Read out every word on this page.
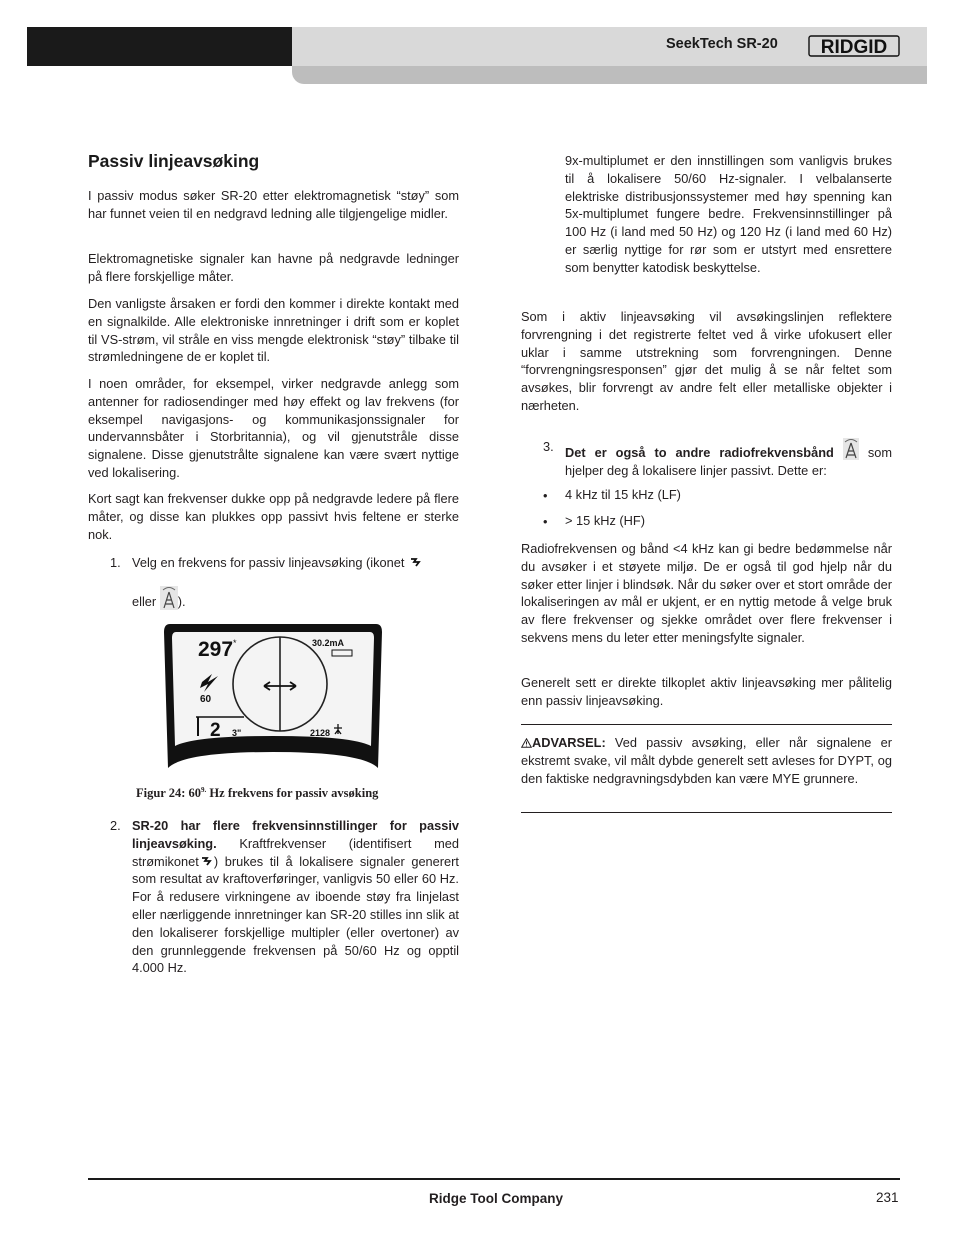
SeekTech SR-20 RIDGID
Passiv linjeavsøking

I passiv modus søker SR-20 etter elektromagnetisk “støy” som har funnet veien til en nedgravd ledning alle tilgjengelige midler.

Elektromagnetiske signaler kan havne på nedgravde ledninger på flere forskjellige måter.

Den vanligste årsaken er fordi den kommer i direkte kontakt med en signalkilde. Alle elektroniske innretninger i drift som er koplet til VS-strøm, vil stråle en viss mengde elektronisk “støy” tilbake til strømledningene de er koplet til.

I noen områder, for eksempel, virker nedgravde anlegg som antenner for radiosendinger med høy effekt og lav frekvens (for eksempel navigasjons- og kommunikasjonssignaler for undervannsbåter i Storbritannia), og vil gjenutstråle disse signalene. Disse gjenutstrålte signalene kan være svært nyttige ved lokalisering.

Kort sagt kan frekvenser dukke opp på nedgravde ledere på flere måter, og disse kan plukkes opp passivt hvis feltene er sterke nok.

1. Velg en frekvens for passiv linjeavsøking (ikonet

eller ).

297 *	30.2mA
60
2 3"	2128
Figur 24: $60^{9.}$ Hz frekvens for passiv avsøking
2. SR-20 har flere frekvensinnstillinger for passiv linjeavsøking. Kraftfrekvenser (identifisert med strømikonet ) brukes til å lokalisere signaler generert som resultat av kraftoverføringer, vanligvis 50 eller 60 Hz. For å redusere virkningene av iboende støy fra linjelast eller nærliggende innretninger kan SR-20 stilles inn slik at den lokaliserer forskjellige multipler (eller overtoner) av den grunnleggende frekvensen på 50/60 Hz og opptil 4.000 Hz.

9x-multiplumet er den innstillingen som vanligvis brukes til å lokalisere 50/60 Hz-signaler. I velbalanserte elektriske distribusjonssystemer med høy spenning kan 5x-multiplumet fungere bedre. Frekvensinnstillinger på 100 Hz (i land med 50 Hz) og 120 Hz (i land med 60 Hz) er særlig nyttige for rør som er utstyrt med ensrettere som benytter katodisk beskyttelse.

Som i aktiv linjeavsøking vil avsøkingslinjen reflektere forvrengning i det registrerte feltet ved å virke ufokusert eller uklar i samme utstrekning som forvrengningen. Denne “forvrengningsresponsen” gjør det mulig å se når feltet som avsøkes, blir forvrengt av andre felt eller metalliske objekter i nærheten.

3. Det er også to andre radiofrekvensbånd  som hjelper deg å lokalisere linjer passivt. Dette er:

• 4 kHz til 15 kHz (LF)
• > 15 kHz (HF)

Radiofrekvensen og bånd <4 kHz kan gi bedre bedømmelse når du avsøker i et støyete miljø. De er også til god hjelp når du søker etter linjer i blindsøk. Når du søker over et stort område der lokaliseringen av mål er ukjent, er en nyttig metode å velge bruk av flere frekvenser og sjekke området over flere frekvenser i sekvens mens du leter etter meningsfylte signaler.

Generelt sett er direkte tilkoplet aktiv linjeavsøking mer pålitelig enn passiv linjeavsøking.

ADVARSEL: Ved passiv avsøking, eller når signalene er ekstremt svake, vil målt dybde generelt sett avleses for DYPT, og den faktiske nedgravningsdybden kan være MYE grunnere.

Ridge Tool Company	231
